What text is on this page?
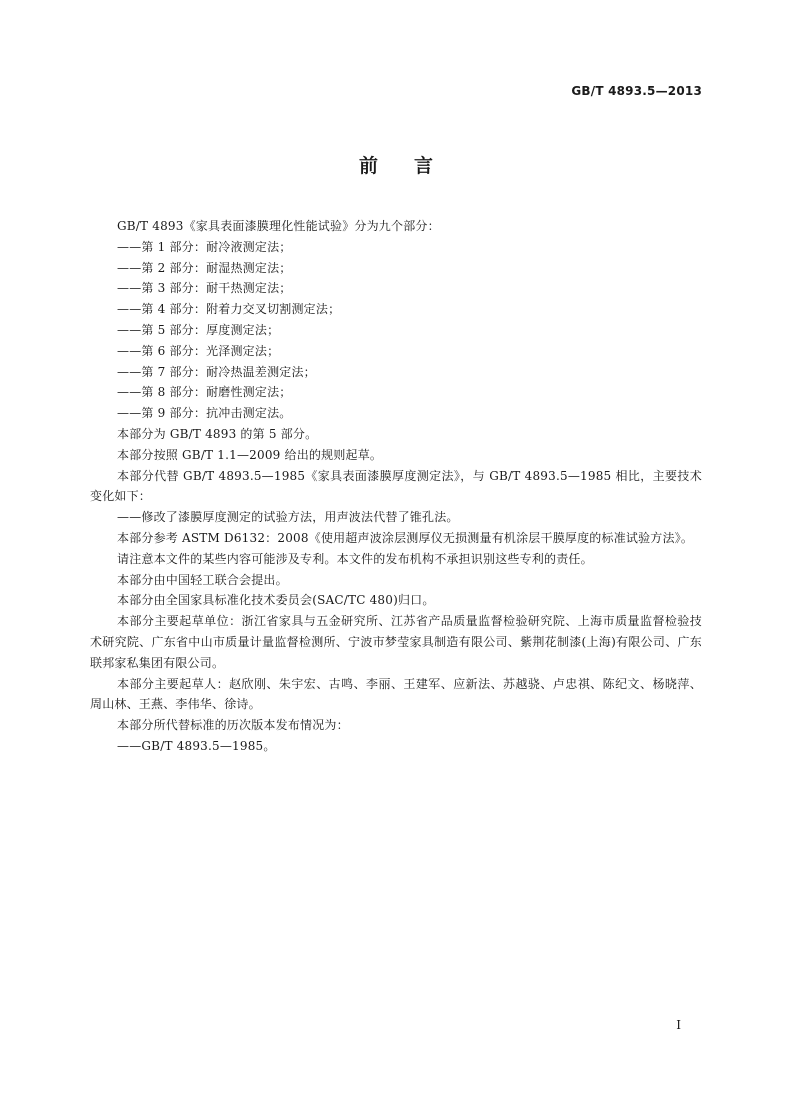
GB/T 4893.5—2013
前言

GB/T 4893《家具表面漆膜理化性能试验》分为九个部分：

——第 1 部分：耐冷液测定法；

——第 2 部分：耐湿热测定法；

——第 3 部分：耐干热测定法；

——第 4 部分：附着力交叉切割测定法；

——第 5 部分：厚度测定法；

——第 6 部分：光泽测定法；

——第 7 部分：耐冷热温差测定法；

——第 8 部分：耐磨性测定法；

——第 9 部分：抗冲击测定法。

本部分为 GB/T 4893 的第 5 部分。

本部分按照 GB/T 1.1—2009 给出的规则起草。

本部分代替 GB/T 4893.5—1985《家具表面漆膜厚度测定法》，与 GB/T 4893.5—1985 相比，主要技术变化如下：

——修改了漆膜厚度测定的试验方法，用声波法代替了锥孔法。

本部分参考 ASTM D6132：2008《使用超声波涂层测厚仪无损测量有机涂层干膜厚度的标准试验方法》。

请注意本文件的某些内容可能涉及专利。本文件的发布机构不承担识别这些专利的责任。

本部分由中国轻工联合会提出。

本部分由全国家具标准化技术委员会(SAC/TC 480)归口。

本部分主要起草单位：浙江省家具与五金研究所、江苏省产品质量监督检验研究院、上海市质量监督检验技术研究院、广东省中山市质量计量监督检测所、宁波市梦莹家具制造有限公司、紫荆花制漆(上海)有限公司、广东联邦家私集团有限公司。

本部分主要起草人：赵欣刚、朱宇宏、古鸣、李丽、王建军、应新法、苏越骁、卢忠祺、陈纪文、杨晓萍、周山林、王燕、李伟华、徐诗。

本部分所代替标准的历次版本发布情况为：

——GB/T 4893.5—1985。

I
